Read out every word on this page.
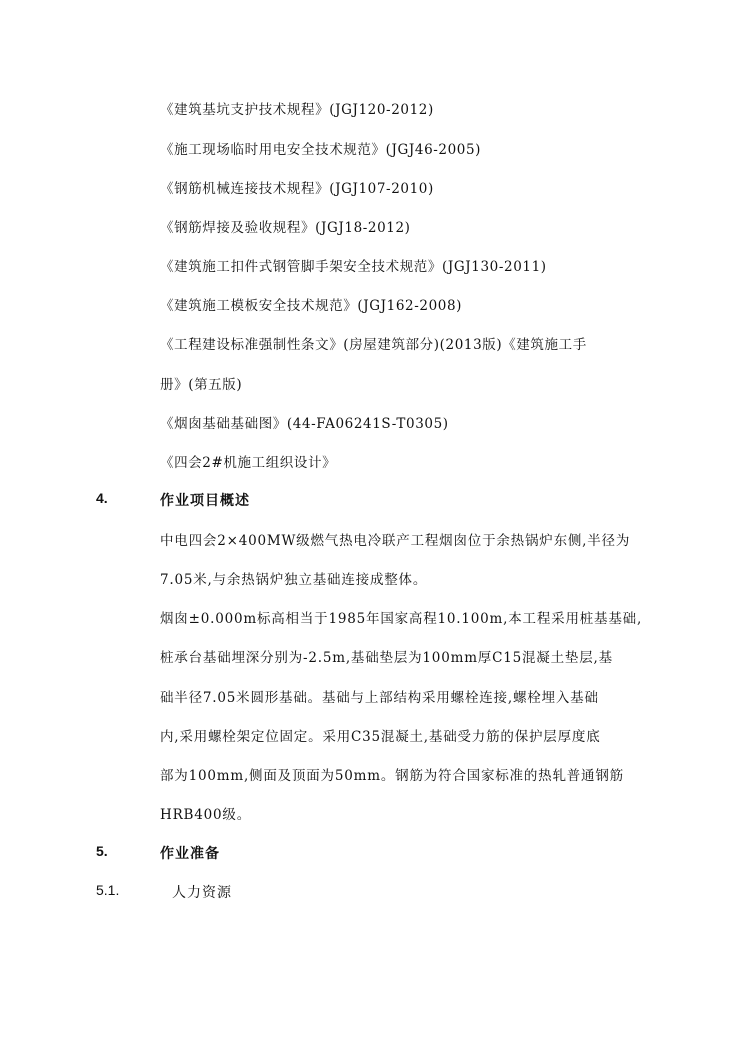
《建筑基坑支护技术规程》(JGJ120-2012)
《施工现场临时用电安全技术规范》(JGJ46-2005)
《钢筋机械连接技术规程》(JGJ107-2010)
《钢筋焊接及验收规程》(JGJ18-2012)
《建筑施工扣件式钢管脚手架安全技术规范》(JGJ130-2011)
《建筑施工模板安全技术规范》(JGJ162-2008)
《工程建设标准强制性条文》(房屋建筑部分)(2013版)《建筑施工手
册》(第五版)
《烟囱基础基础图》(44-FA06241S-T0305)
《四会2#机施工组织设计》
4.	作业项目概述
中电四会2×400MW级燃气热电冷联产工程烟囱位于余热锅炉东侧,半径为
7.05米,与余热锅炉独立基础连接成整体。
烟囱±0.000m标高相当于1985年国家高程10.100m,本工程采用桩基基础,
桩承台基础埋深分别为-2.5m,基础垫层为100mm厚C15混凝土垫层,基
础半径7.05米圆形基础。基础与上部结构采用螺栓连接,螺栓埋入基础
内,采用螺栓架定位固定。采用C35混凝土,基础受力筋的保护层厚度底
部为100mm,侧面及顶面为50mm。钢筋为符合国家标准的热轧普通钢筋
HRB400级。
5.	作业准备
5.1.	人力资源
